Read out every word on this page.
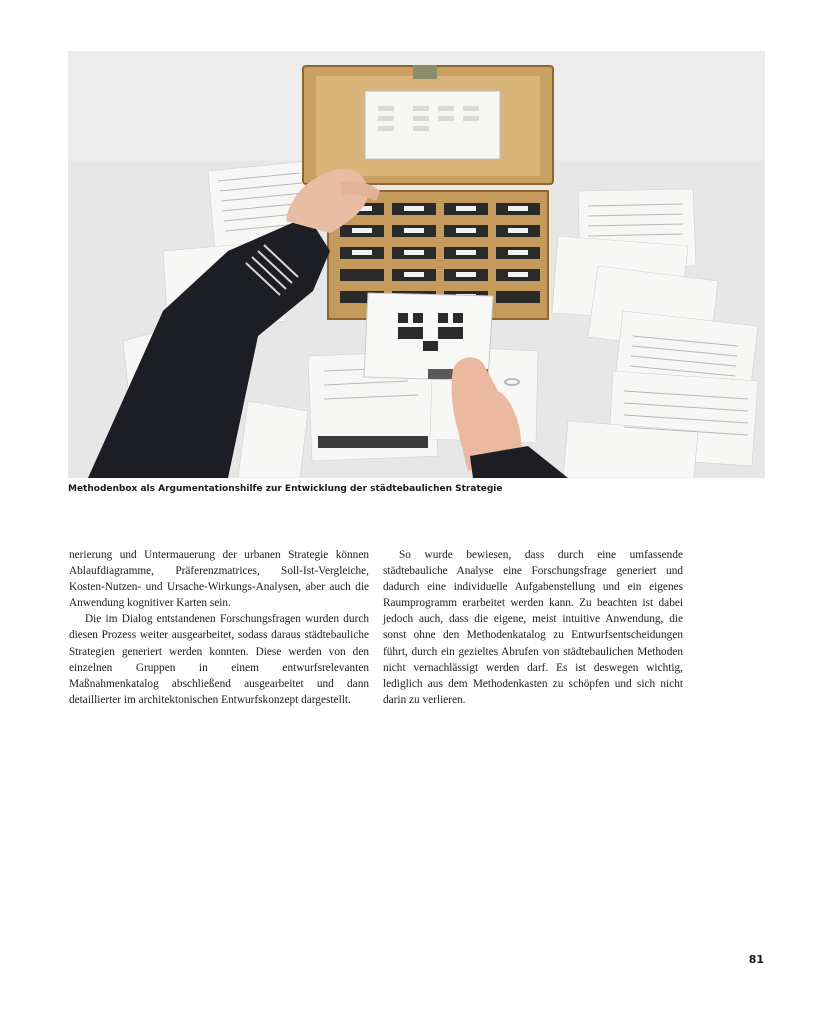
Methodenbox als Argumentationshilfe zur Entwicklung der städtebaulichen Strategie

nerierung und Untermauerung der urbanen Strategie können Ablaufdiagramme, Präferenzmatrices, Soll-Ist-Vergleiche, Kosten-Nutzen- und Ursache-Wirkungs-Analysen, aber auch die Anwendung kognitiver Karten sein.

Die im Dialog entstandenen Forschungsfragen wurden durch diesen Prozess weiter ausgearbeitet, sodass daraus städtebauliche Strategien generiert werden konnten. Diese werden von den einzelnen Gruppen in einem entwurfsrelevanten Maßnahmenkatalog abschließend ausgearbeitet und dann detaillierter im architektonischen Entwurfskonzept dargestellt.

So wurde bewiesen, dass durch eine umfassende städtebauliche Analyse eine Forschungsfrage generiert und dadurch eine individuelle Aufgabenstellung und ein eigenes Raumprogramm erarbeitet werden kann. Zu beachten ist dabei jedoch auch, dass die eigene, meist intuitive Anwendung, die sonst ohne den Methodenkatalog zu Entwurfsentscheidungen führt, durch ein gezieltes Abrufen von städtebaulichen Methoden nicht vernachlässigt werden darf. Es ist deswegen wichtig, lediglich aus dem Methodenkasten zu schöpfen und sich nicht darin zu verlieren.

81
